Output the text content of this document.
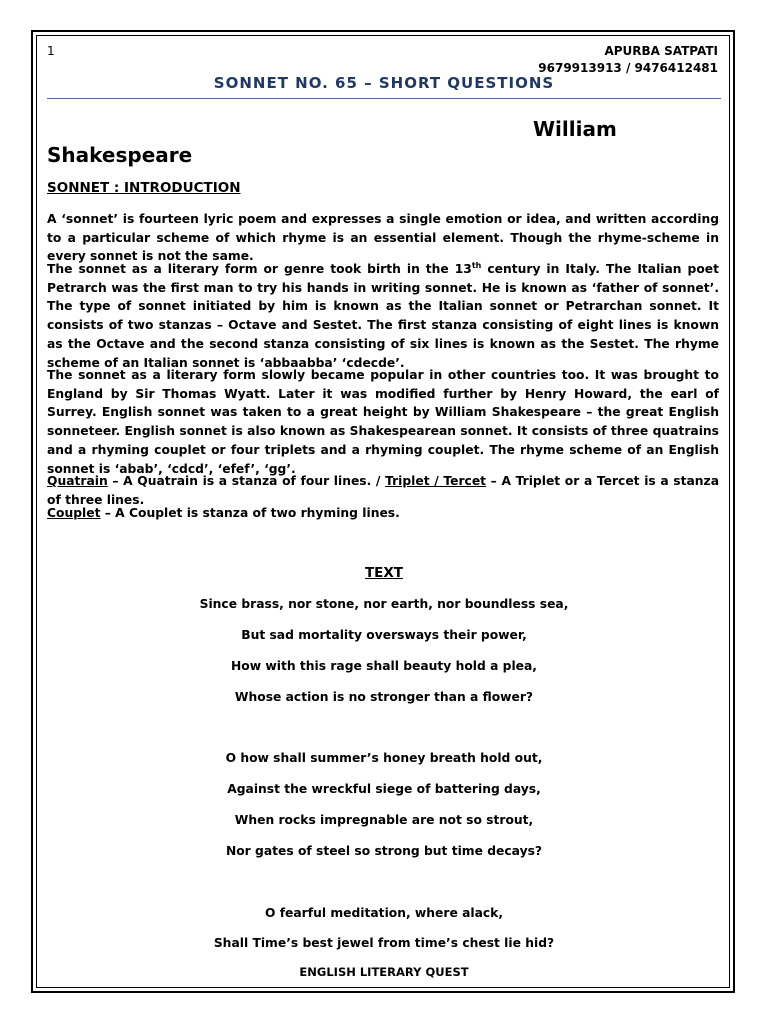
1	APURBA SATPATI
9679913913 / 9476412481
SONNET NO. 65 – SHORT QUESTIONS
William
Shakespeare
SONNET : INTRODUCTION
A ‘sonnet’ is fourteen lyric poem and expresses a single emotion or idea, and written according to a particular scheme of which rhyme is an essential element. Though the rhyme-scheme in every sonnet is not the same.
The sonnet as a literary form or genre took birth in the 13th century in Italy. The Italian poet Petrarch was the first man to try his hands in writing sonnet. He is known as ‘father of sonnet’. The type of sonnet initiated by him is known as the Italian sonnet or Petrarchan sonnet. It consists of two stanzas – Octave and Sestet. The first stanza consisting of eight lines is known as the Octave and the second stanza consisting of six lines is known as the Sestet. The rhyme scheme of an Italian sonnet is ‘abbaabba’ ‘cdecde’.
The sonnet as a literary form slowly became popular in other countries too. It was brought to England by Sir Thomas Wyatt. Later it was modified further by Henry Howard, the earl of Surrey. English sonnet was taken to a great height by William Shakespeare – the great English sonneteer. English sonnet is also known as Shakespearean sonnet. It consists of three quatrains and a rhyming couplet or four triplets and a rhyming couplet. The rhyme scheme of an English sonnet is ‘abab’, ‘cdcd’, ‘efef’, ‘gg’.
Quatrain – A Quatrain is a stanza of four lines. / Triplet / Tercet – A Triplet or a Tercet is a stanza of three lines.
Couplet – A Couplet is stanza of two rhyming lines.
TEXT
Since brass, nor stone, nor earth, nor boundless sea,
But sad mortality oversways their power,
How with this rage shall beauty hold a plea,
Whose action is no stronger than a flower?
O how shall summer’s honey breath hold out,
Against the wreckful siege of battering days,
When rocks impregnable are not so strout,
Nor gates of steel so strong but time decays?
O fearful meditation, where alack,
Shall Time’s best jewel from time’s chest lie hid?
ENGLISH LITERARY QUEST
